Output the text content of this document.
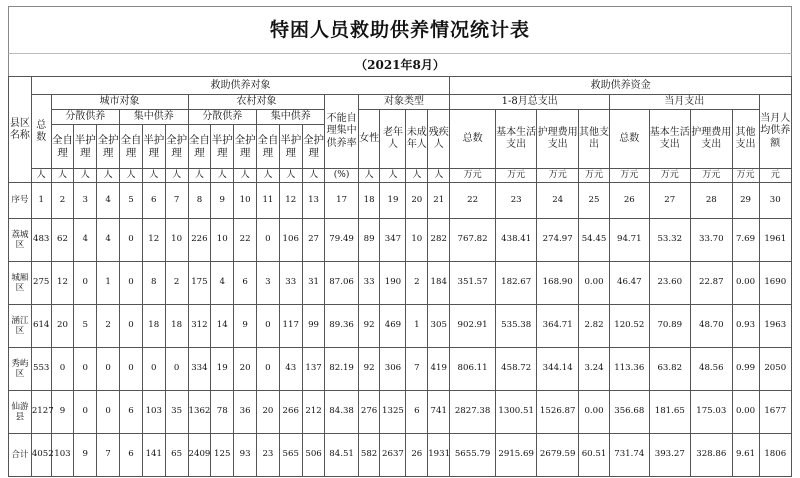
特困人员救助供养情况统计表
（2021年8月）
县区名称	救助供养对象																		救助供养资金								
	总数	城市对象						农村对象						不能自理集中供养率	对象类型				1-8月总支出				当月支出				当月人均供养额
		分散供养			集中供养			分散供养			集中供养				女性	老年人	未成年人	残疾人	总数	基本生活支出	护理费用支出	其他支出	总数	基本生活支出	护理费用支出	其他支出	
		全自理	半护理	全护理	全自理	半护理	全护理	全自理	半护理	全护理	全自理	半护理	全护理														
	人	人	人	人	人	人	人	人	人	人	人	人	人	(%)	人	人	人	人	万元	万元	万元	万元	万元	万元	万元	万元	元
序号	1	2	3	4	5	6	7	8	9	10	11	12	13	17	18	19	20	21	22	23	24	25	26	27	28	29	30
荔城区	483	62	4	4	0	12	10	226	10	22	0	106	27	79.49	89	347	10	282	767.82	438.41	274.97	54.45	94.71	53.32	33.70	7.69	1961
城厢区	275	12	0	1	0	8	2	175	4	6	3	33	31	87.06	33	190	2	184	351.57	182.67	168.90	0.00	46.47	23.60	22.87	0.00	1690
涵江区	614	20	5	2	0	18	18	312	14	9	0	117	99	89.36	92	469	1	305	902.91	535.38	364.71	2.82	120.52	70.89	48.70	0.93	1963
秀屿区	553	0	0	0	0	0	0	334	19	20	0	43	137	82.19	92	306	7	419	806.11	458.72	344.14	3.24	113.36	63.82	48.56	0.99	2050
仙游县	2127	9	0	0	6	103	35	1362	78	36	20	266	212	84.38	276	1325	6	741	2827.38	1300.51	1526.87	0.00	356.68	181.65	175.03	0.00	1677
合计	4052	103	9	7	6	141	65	2409	125	93	23	565	506	84.51	582	2637	26	1931	5655.79	2915.69	2679.59	60.51	731.74	393.27	328.86	9.61	1806
